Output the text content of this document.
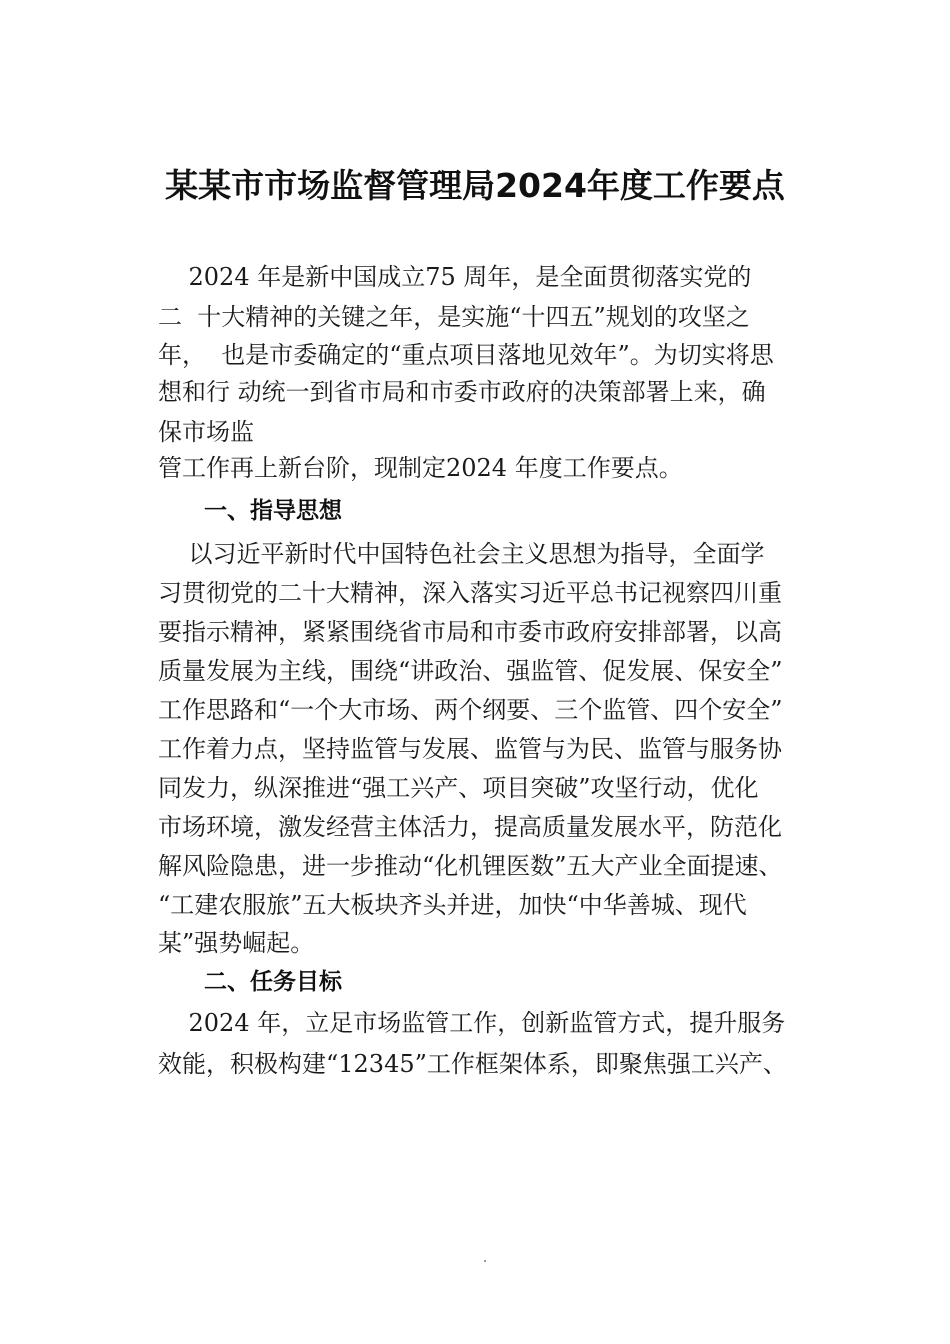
某某市市场监督管理局2024年度工作要点
2024 年是新中国成立75 周年，是全面贯彻落实党的
二  十大精神的关键之年，是实施“十四五”规划的攻坚之
年，  也是市委确定的“重点项目落地见效年”。为切实将思
想和行 动统一到省市局和市委市政府的决策部署上来，确
保市场监
管工作再上新台阶，现制定2024 年度工作要点。
一、指导思想
以习近平新时代中国特色社会主义思想为指导，全面学
习贯彻党的二十大精神，深入落实习近平总书记视察四川重
要指示精神，紧紧围绕省市局和市委市政府安排部署，以高
质量发展为主线，围绕“讲政治、强监管、促发展、保安全”
工作思路和“一个大市场、两个纲要、三个监管、四个安全”
工作着力点，坚持监管与发展、监管与为民、监管与服务协
同发力，纵深推进“强工兴产、项目突破”攻坚行动，优化
市场环境，激发经营主体活力，提高质量发展水平，防范化
解风险隐患，进一步推动“化机锂医数”五大产业全面提速、
“工建农服旅”五大板块齐头并进，加快“中华善城、现代
某”强势崛起。
二、任务目标
2024 年，立足市场监管工作，创新监管方式，提升服务
效能，积极构建“12345”工作框架体系，即聚焦强工兴产、
